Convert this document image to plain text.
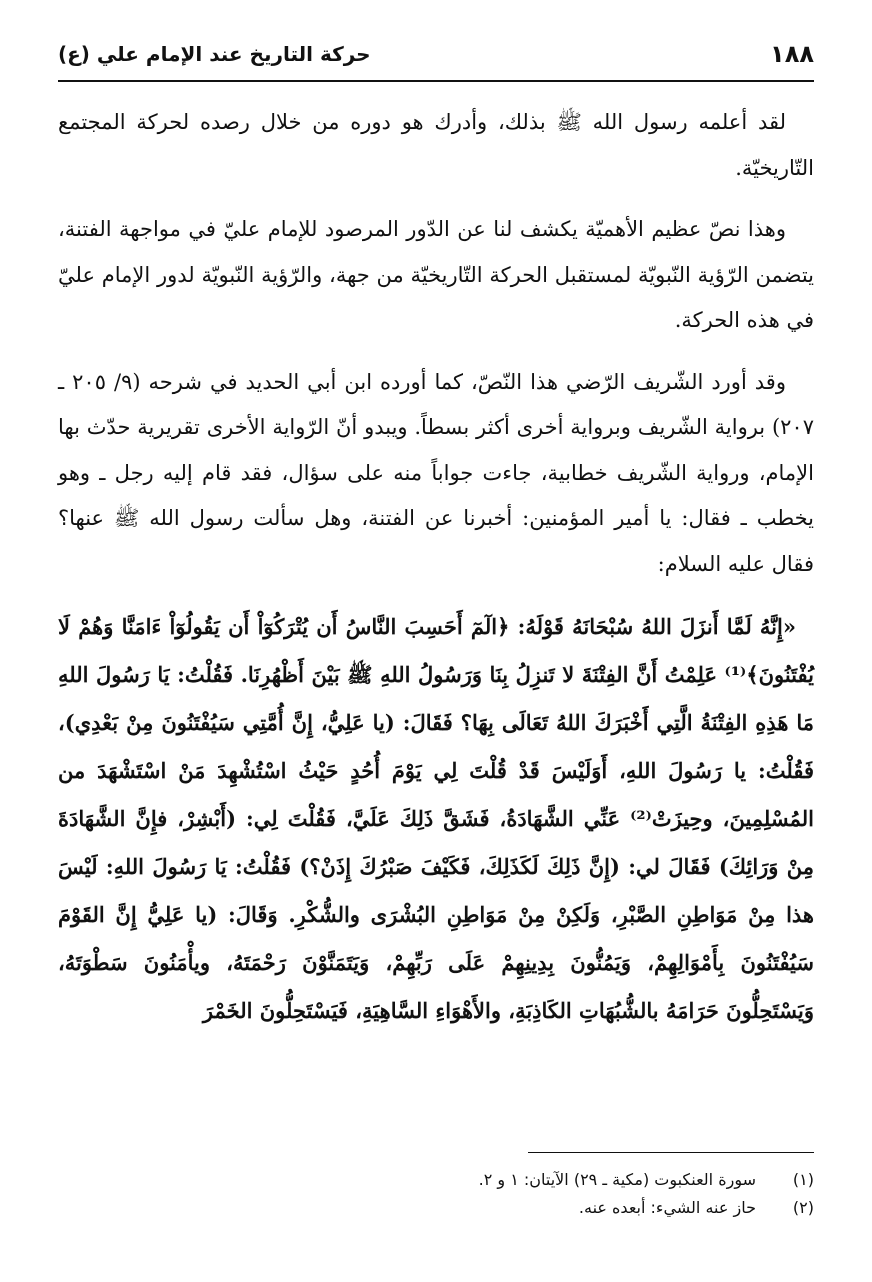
١٨٨
حركة التاريخ عند الإمام علي (ع)

لقد أعلمه رسول الله ﷺ بذلك، وأدرك هو دوره من خلال رصده لحركة المجتمع التّاريخيّة.

وهذا نصّ عظيم الأهميّة يكشف لنا عن الدّور المرصود للإمام عليّ في مواجهة الفتنة، يتضمن الرّؤية النّبويّة لمستقبل الحركة التّاريخيّة من جهة، والرّؤية النّبويّة لدور الإمام عليّ في هذه الحركة.

وقد أورد الشّريف الرّضي هذا النّصّ، كما أورده ابن أبي الحديد في شرحه (٩/ ٢٠٥ ـ ٢٠٧) برواية الشّريف وبرواية أخرى أكثر بسطاً. ويبدو أنّ الرّواية الأخرى تقريرية حدّث بها الإمام، ورواية الشّريف خطابية، جاءت جواباً منه على سؤال، فقد قام إليه رجل ـ وهو يخطب ـ فقال: يا أمير المؤمنين: أخبرنا عن الفتنة، وهل سألت رسول الله ﷺ عنها؟ فقال عليه السلام:

«إِنَّهُ لَمَّا أَنزَلَ اللهُ سُبْحَانَهُ قَوْلَهُ: ﴿الٓمٓ أَحَسِبَ النَّاسُ أَن يُتْرَكُوٓاْ أَن يَقُولُوٓاْ ءَامَنَّا وَهُمْ لَا يُفْتَنُونَ﴾⁽¹⁾ عَلِمْتُ أَنَّ الفِتْنَةَ لا تَنزِلُ بِنَا وَرَسُولُ اللهِ ﷺ بَيْنَ أَظْهُرِنَا. فَقُلْتُ: يَا رَسُولَ اللهِ مَا هَذِهِ الفِتْنَةُ الَّتِي أَخْبَرَكَ اللهُ تَعَالَى بِهَا؟ فَقَالَ: (يا عَلِيُّ، إِنَّ أُمَّتِي سَيُفْتَنُونَ مِنْ بَعْدِي)، فَقُلْتُ: يا رَسُولَ اللهِ، أَوَلَيْسَ قَدْ قُلْتَ لِي يَوْمَ أُحُدٍ حَيْثُ اسْتُشْهِدَ مَنْ اسْتَشْهَدَ من المُسْلِمِينَ، وحِيزَتْ⁽²⁾ عَنِّي الشَّهَادَةُ، فَشَقَّ ذَلِكَ عَلَيَّ، فَقُلْتَ لِي: (أَبْشِرْ، فإِنَّ الشَّهَادَةَ مِنْ وَرَائِكَ) فَقَالَ لي: (إِنَّ ذَلِكَ لَكَذَلِكَ، فَكَيْفَ صَبْرُكَ إِذَنْ؟) فَقُلْتُ: يَا رَسُولَ اللهِ: لَيْسَ هذا مِنْ مَوَاطِنِ الصَّبْرِ، وَلَكِنْ مِنْ مَوَاطِنِ البُشْرَى والشُّكْرِ. وَقَالَ: (يا عَلِيُّ إِنَّ القَوْمَ سَيُفْتَنُونَ بِأَمْوَالِهِمْ، وَيَمُنُّونَ بِدِينِهِمْ عَلَى رَبِّهِمْ، وَيَتَمَنَّوْنَ رَحْمَتَهُ، ويأْمَنُونَ سَطْوَتَهُ، وَيَسْتَحِلُّونَ حَرَامَهُ بالشُّبُهَاتِ الكَاذِبَةِ، والأَهْوَاءِ السَّاهِيَةِ، فَيَسْتَحِلُّونَ الخَمْرَ

(١)
سورة العنكبوت (مكية ـ ٢٩) الآيتان: ١ و ٢.
(٢)
حاز عنه الشيء: أبعده عنه.
